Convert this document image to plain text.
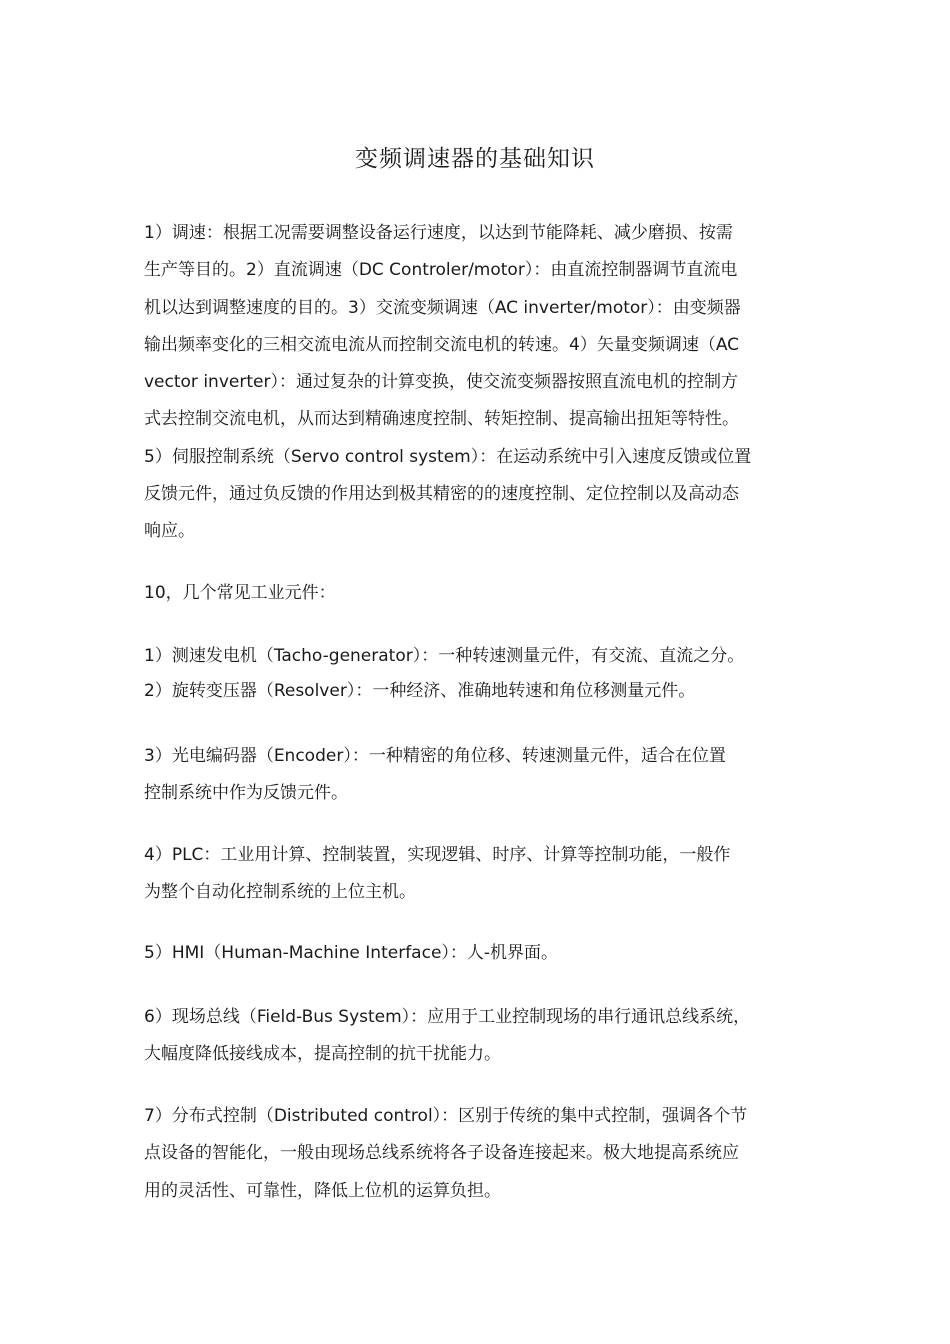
变频调速器的基础知识

1）调速：根据工况需要调整设备运行速度，以达到节能降耗、减少磨损、按需
生产等目的。2）直流调速（DC Controler/motor）：由直流控制器调节直流电
机以达到调整速度的目的。3）交流变频调速（AC inverter/motor）：由变频器
输出频率变化的三相交流电流从而控制交流电机的转速。4）矢量变频调速（AC
vector inverter）：通过复杂的计算变换，使交流变频器按照直流电机的控制方
式去控制交流电机，从而达到精确速度控制、转矩控制、提高输出扭矩等特性。
5）伺服控制系统（Servo control system）：在运动系统中引入速度反馈或位置
反馈元件，通过负反馈的作用达到极其精密的的速度控制、定位控制以及高动态
响应。

10，几个常见工业元件：

1）测速发电机（Tacho-generator）：一种转速测量元件，有交流、直流之分。
2）旋转变压器（Resolver）：一种经济、准确地转速和角位移测量元件。

3）光电编码器（Encoder）：一种精密的角位移、转速测量元件，适合在位置
控制系统中作为反馈元件。

4）PLC：工业用计算、控制装置，实现逻辑、时序、计算等控制功能，一般作
为整个自动化控制系统的上位主机。

5）HMI（Human-Machine Interface）：人-机界面。

6）现场总线（Field-Bus System）：应用于工业控制现场的串行通讯总线系统，
大幅度降低接线成本，提高控制的抗干扰能力。

7）分布式控制（Distributed control）：区别于传统的集中式控制，强调各个节
点设备的智能化，一般由现场总线系统将各子设备连接起来。极大地提高系统应
用的灵活性、可靠性，降低上位机的运算负担。
